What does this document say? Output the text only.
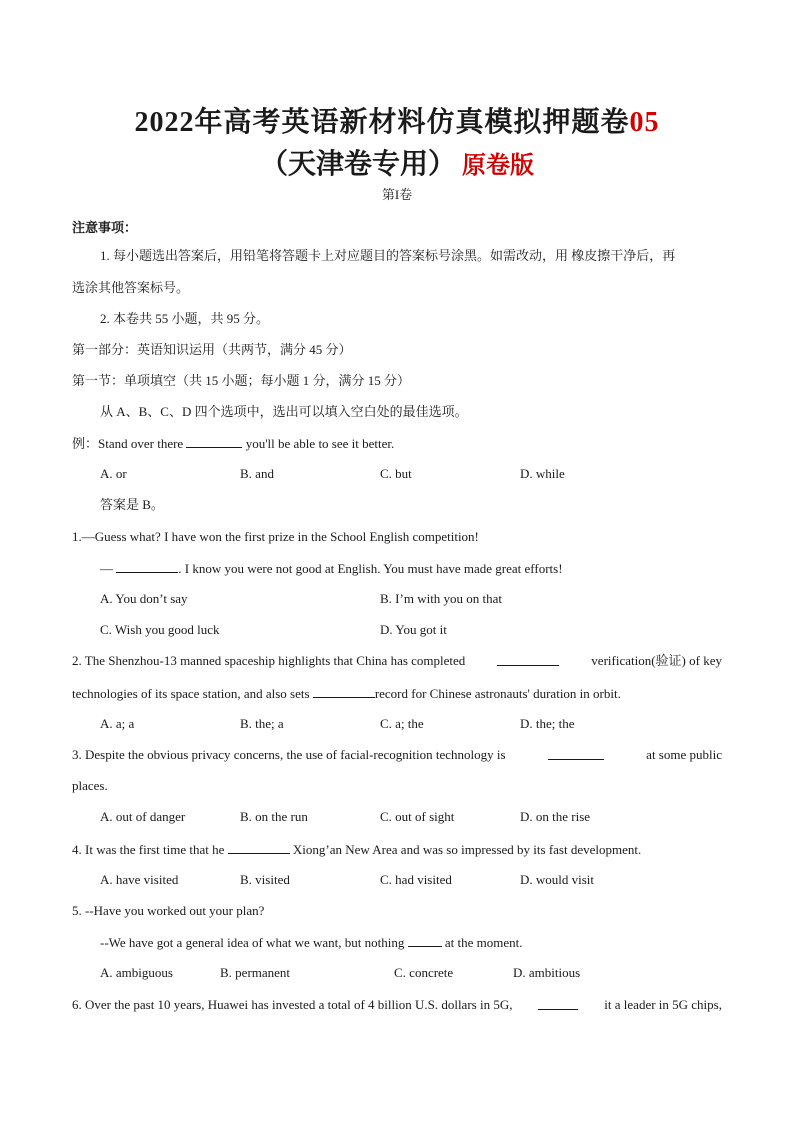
2022年高考英语新材料仿真模拟押题卷05
（天津卷专用） 原卷版
第I卷
注意事项：
1. 每小题选出答案后，用铅笔将答题卡上对应题目的答案标号涂黑。如需改动，用 橡皮擦干净后，再
选涂其他答案标号。
2. 本卷共 55 小题，共 95 分。
第一部分：英语知识运用（共两节，满分 45 分）
第一节：单项填空（共 15 小题；每小题 1 分，满分 15 分）
从 A、B、C、D 四个选项中，选出可以填入空白处的最佳选项。
例：Stand over there	you'll be able to see it better.
A. or	B. and	C. but	D. while
答案是 B。
1.—Guess what? I have won the first prize in the School English competition!
—	. I know you were not good at English. You must have made great efforts!
A. You don’t say	B. I’m with you on that
C. Wish you good luck	D. You got it
2. The Shenzhou-13 manned spaceship highlights that China has completed	verification(验证) of key
technologies of its space station, and also sets	record for Chinese astronauts' duration in orbit.
A. a; a	B. the; a	C. a; the	D. the; the
3. Despite the obvious privacy concerns, the use of facial-recognition technology is	at some public
places.
A. out of danger	B. on the run	C. out of sight	D. on the rise
4. It was the first time that he	Xiong’an New Area and was so impressed by its fast development.
A. have visited	B. visited	C. had visited	D. would visit
5. --Have you worked out your plan?
--We have got a general idea of what we want, but nothing	at the moment.
A. ambiguous	B. permanent	C. concrete	D. ambitious
6. Over the past 10 years, Huawei has invested a total of 4 billion U.S. dollars in 5G,	it a leader in 5G chips,
